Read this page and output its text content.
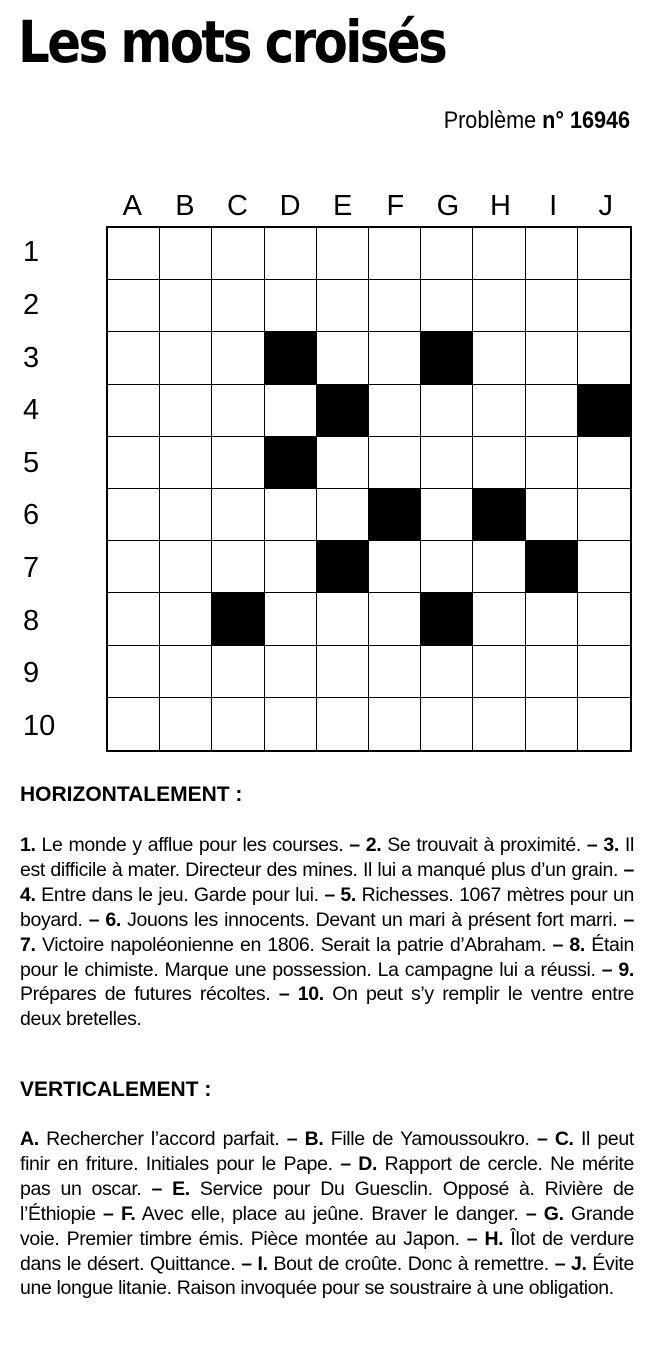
Les mots croisés
Problème n° 16946
A	B	C	D	E	F	G	H	I	J
1
2
3
4
5
6
7
8
9
10
HORIZONTALEMENT :

1. Le monde y afflue pour les courses. – 2. Se trouvait à proximité. – 3. Il est difficile à mater. Directeur des mines. Il lui a manqué plus d’un grain. – 4. Entre dans le jeu. Garde pour lui. – 5. Richesses. 1067 mètres pour un boyard. – 6. Jouons les innocents. Devant un mari à présent fort marri. – 7. Victoire napoléonienne en 1806. Serait la patrie d’Abraham. – 8. Étain pour le chimiste. Marque une possession. La campagne lui a réussi. – 9. Prépares de futures récoltes. – 10. On peut s’y remplir le ventre entre deux bretelles.

VERTICALEMENT :

A. Rechercher l’accord parfait. – B. Fille de Yamoussoukro. – C. Il peut finir en friture. Initiales pour le Pape. – D. Rapport de cercle. Ne mérite pas un oscar. – E. Service pour Du Guesclin. Opposé à. Rivière de l’Éthiopie – F. Avec elle, place au jeûne. Braver le danger. – G. Grande voie. Premier timbre émis. Pièce montée au Japon. – H. Îlot de verdure dans le désert. Quittance. – I. Bout de croûte. Donc à remettre. – J. Évite une longue litanie. Raison invoquée pour se soustraire à une obligation.
